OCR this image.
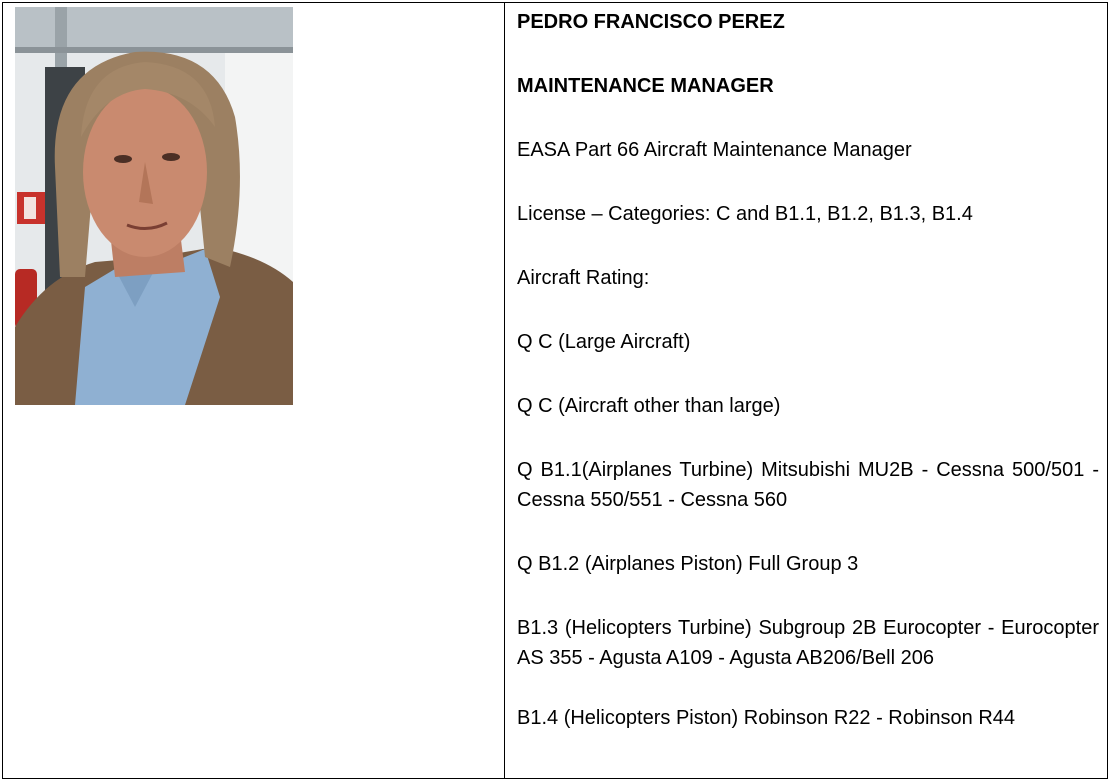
PEDRO FRANCISCO PEREZ

MAINTENANCE MANAGER

EASA Part 66 Aircraft Maintenance Manager

License – Categories: C and B1.1, B1.2, B1.3, B1.4

Aircraft Rating:

Q C (Large Aircraft)

Q C (Aircraft other than large)

Q B1.1(Airplanes Turbine) Mitsubishi MU2B - Cessna 500/501 - Cessna 550/551 - Cessna 560

Q B1.2 (Airplanes Piston) Full Group 3

B1.3 (Helicopters Turbine) Subgroup 2B Eurocopter - Eurocopter AS 355 - Agusta A109 - Agusta AB206/Bell 206

B1.4 (Helicopters Piston) Robinson R22 - Robinson R44
